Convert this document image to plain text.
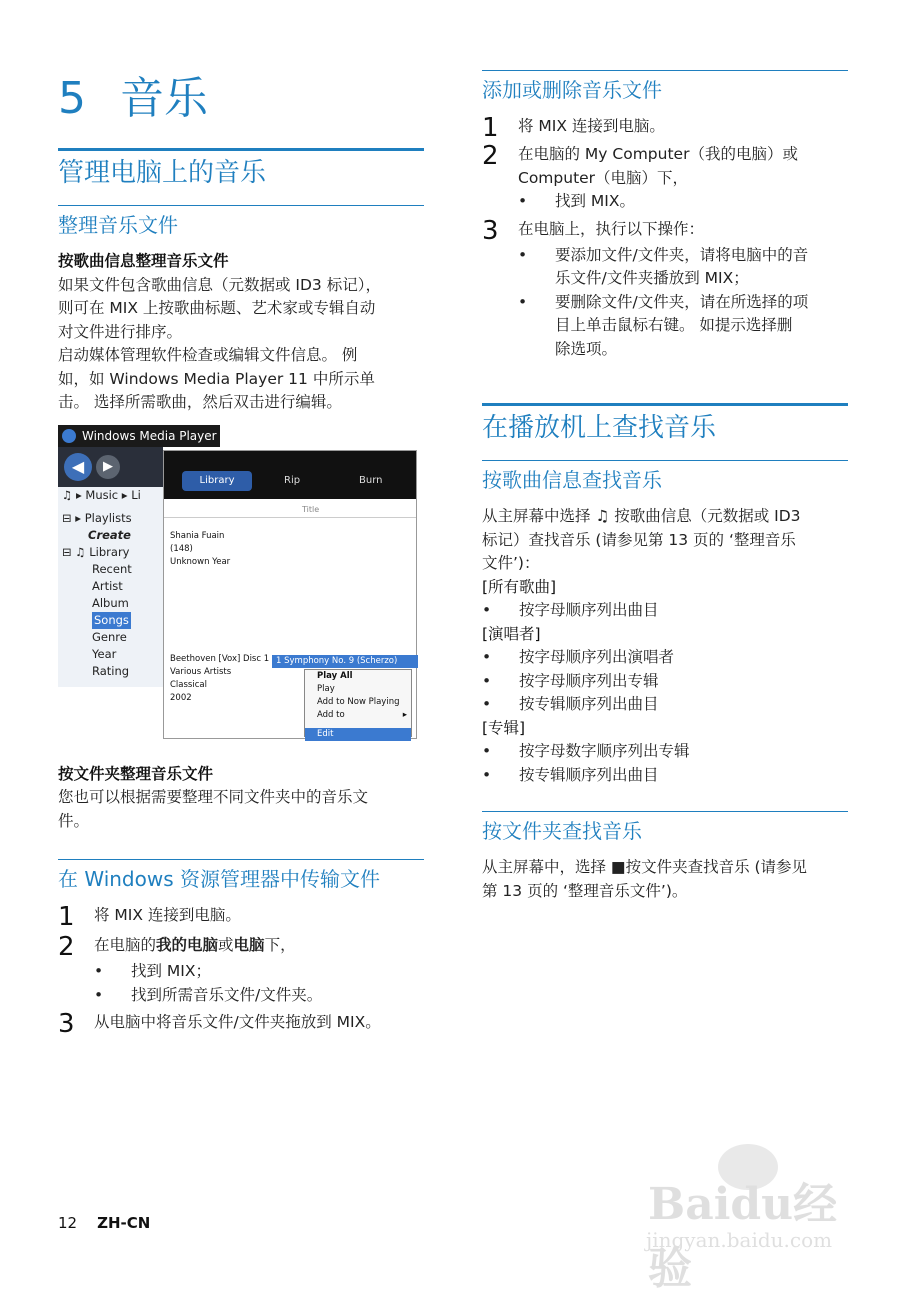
5 音乐
管理电脑上的音乐
整理音乐文件
按歌曲信息整理音乐文件
如果文件包含歌曲信息（元数据或 ID3 标记），
则可在 MIX 上按歌曲标题、艺术家或专辑自动
对文件进行排序。
启动媒体管理软件检查或编辑文件信息。 例
如，如 Windows Media Player 11 中所示单
击。 选择所需歌曲，然后双击进行编辑。
Windows Media Player
◀	▶
♫ ▸ Music ▸ Li
⊟ ▸ Playlists
Create
⊟ ♫ Library
Recent
Artist
Album
Songs
Genre
Year
Rating
Library	Rip	Burn
Title
Shania Fuain
(148)
Unknown Year
Beethoven [Vox] Disc 1
Various Artists
Classical
2002
1 Symphony No. 9 (Scherzo)
Play All
Play
Add to Now Playing
Add to	▸
Edit
按文件夹整理音乐文件
您也可以根据需要整理不同文件夹中的音乐文
件。
在 Windows 资源管理器中传输文件
1	将 MIX 连接到电脑。
2	在电脑的我的电脑或电脑下，
•	找到 MIX；
•	找到所需音乐文件/文件夹。
3	从电脑中将音乐文件/文件夹拖放到 MIX。
添加或删除音乐文件
1	将 MIX 连接到电脑。
2	在电脑的 My Computer（我的电脑）或
Computer（电脑）下，
•	找到 MIX。
3	在电脑上，执行以下操作：
•	要添加文件/文件夹，请将电脑中的音
乐文件/文件夹播放到 MIX；
•	要删除文件/文件夹，请在所选择的项
目上单击鼠标右键。 如提示选择删
除选项。
在播放机上查找音乐
按歌曲信息查找音乐
从主屏幕中选择 ♫ 按歌曲信息（元数据或 ID3
标记）查找音乐 (请参见第 13 页的 ‘整理音乐
文件’)：
[所有歌曲]
•	按字母顺序列出曲目
[演唱者]
•	按字母顺序列出演唱者
•	按字母顺序列出专辑
•	按专辑顺序列出曲目
[专辑]
•	按字母数字顺序列出专辑
•	按专辑顺序列出曲目
按文件夹查找音乐
从主屏幕中，选择 ■按文件夹查找音乐 (请参见
第 13 页的 ‘整理音乐文件’)。
12 ZH-CN	Baidu经验
jingyan.baidu.com
